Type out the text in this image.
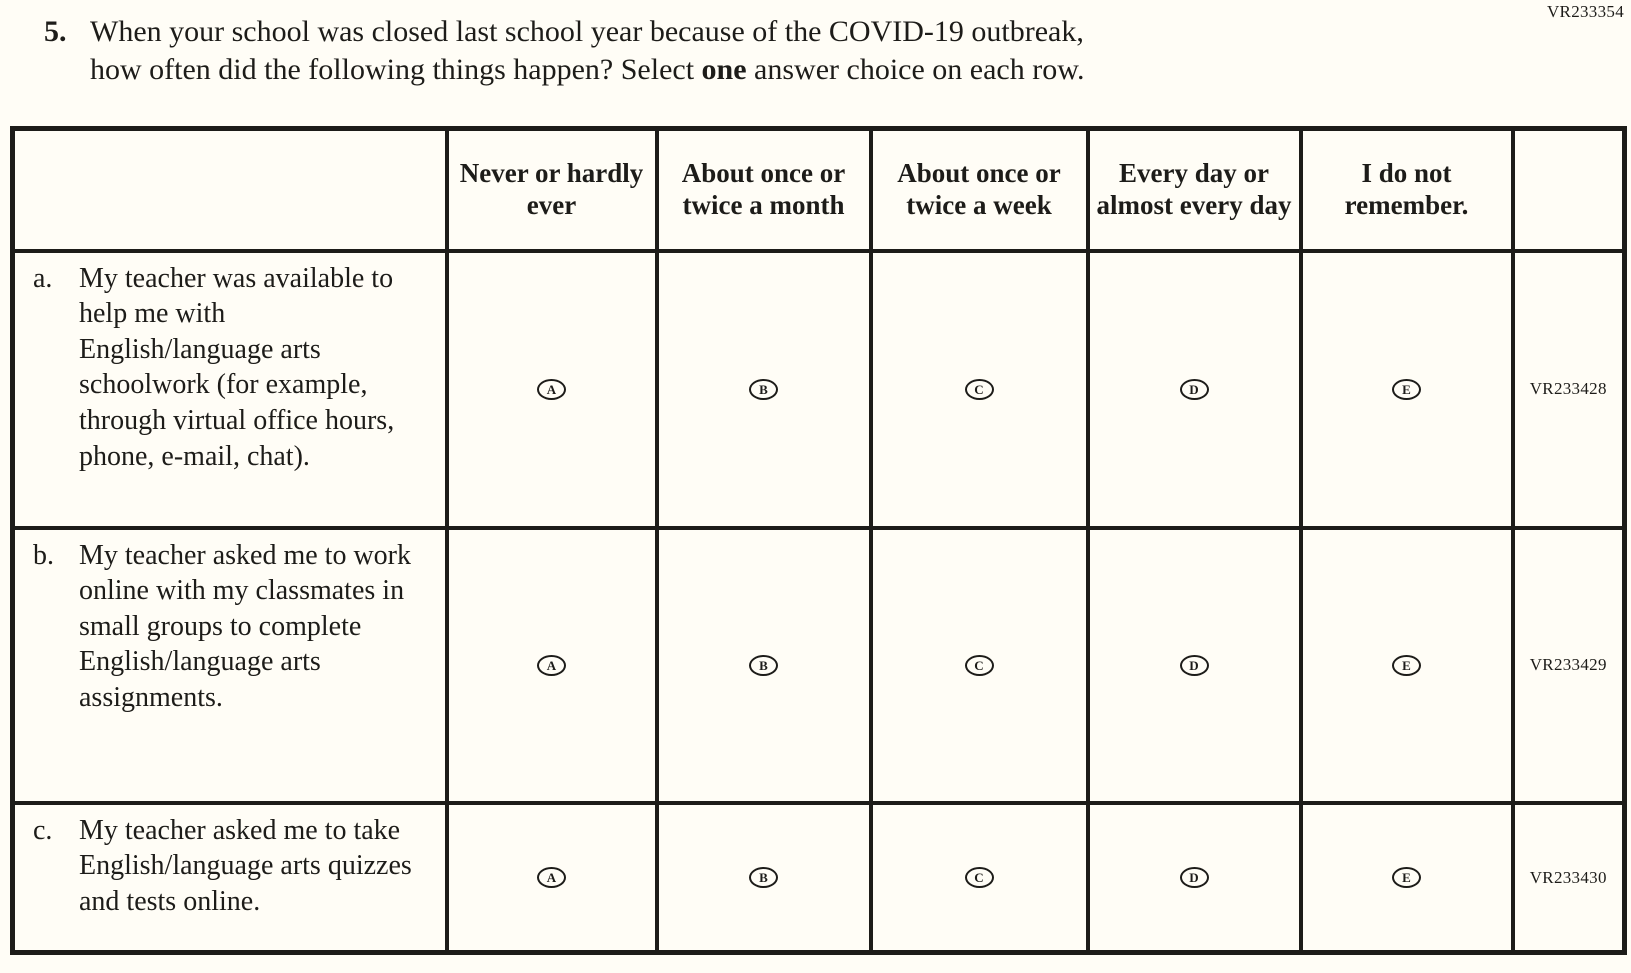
VR233354
5. When your school was closed last school year because of the COVID-19 outbreak,
how often did the following things happen? Select one answer choice on each row.
	Never or hardly ever	About once or twice a month	About once or twice a week	Every day or almost every day	I do not remember.	

a. My teacher was available to help me with English/language arts schoolwork (for example, through virtual office hours, phone, e-mail, chat).	A	B	C	D	E	VR233428

b. My teacher asked me to work online with my classmates in small groups to complete English/language arts assignments.	A	B	C	D	E	VR233429

c. My teacher asked me to take English/language arts quizzes and tests online.	A	B	C	D	E	VR233430
